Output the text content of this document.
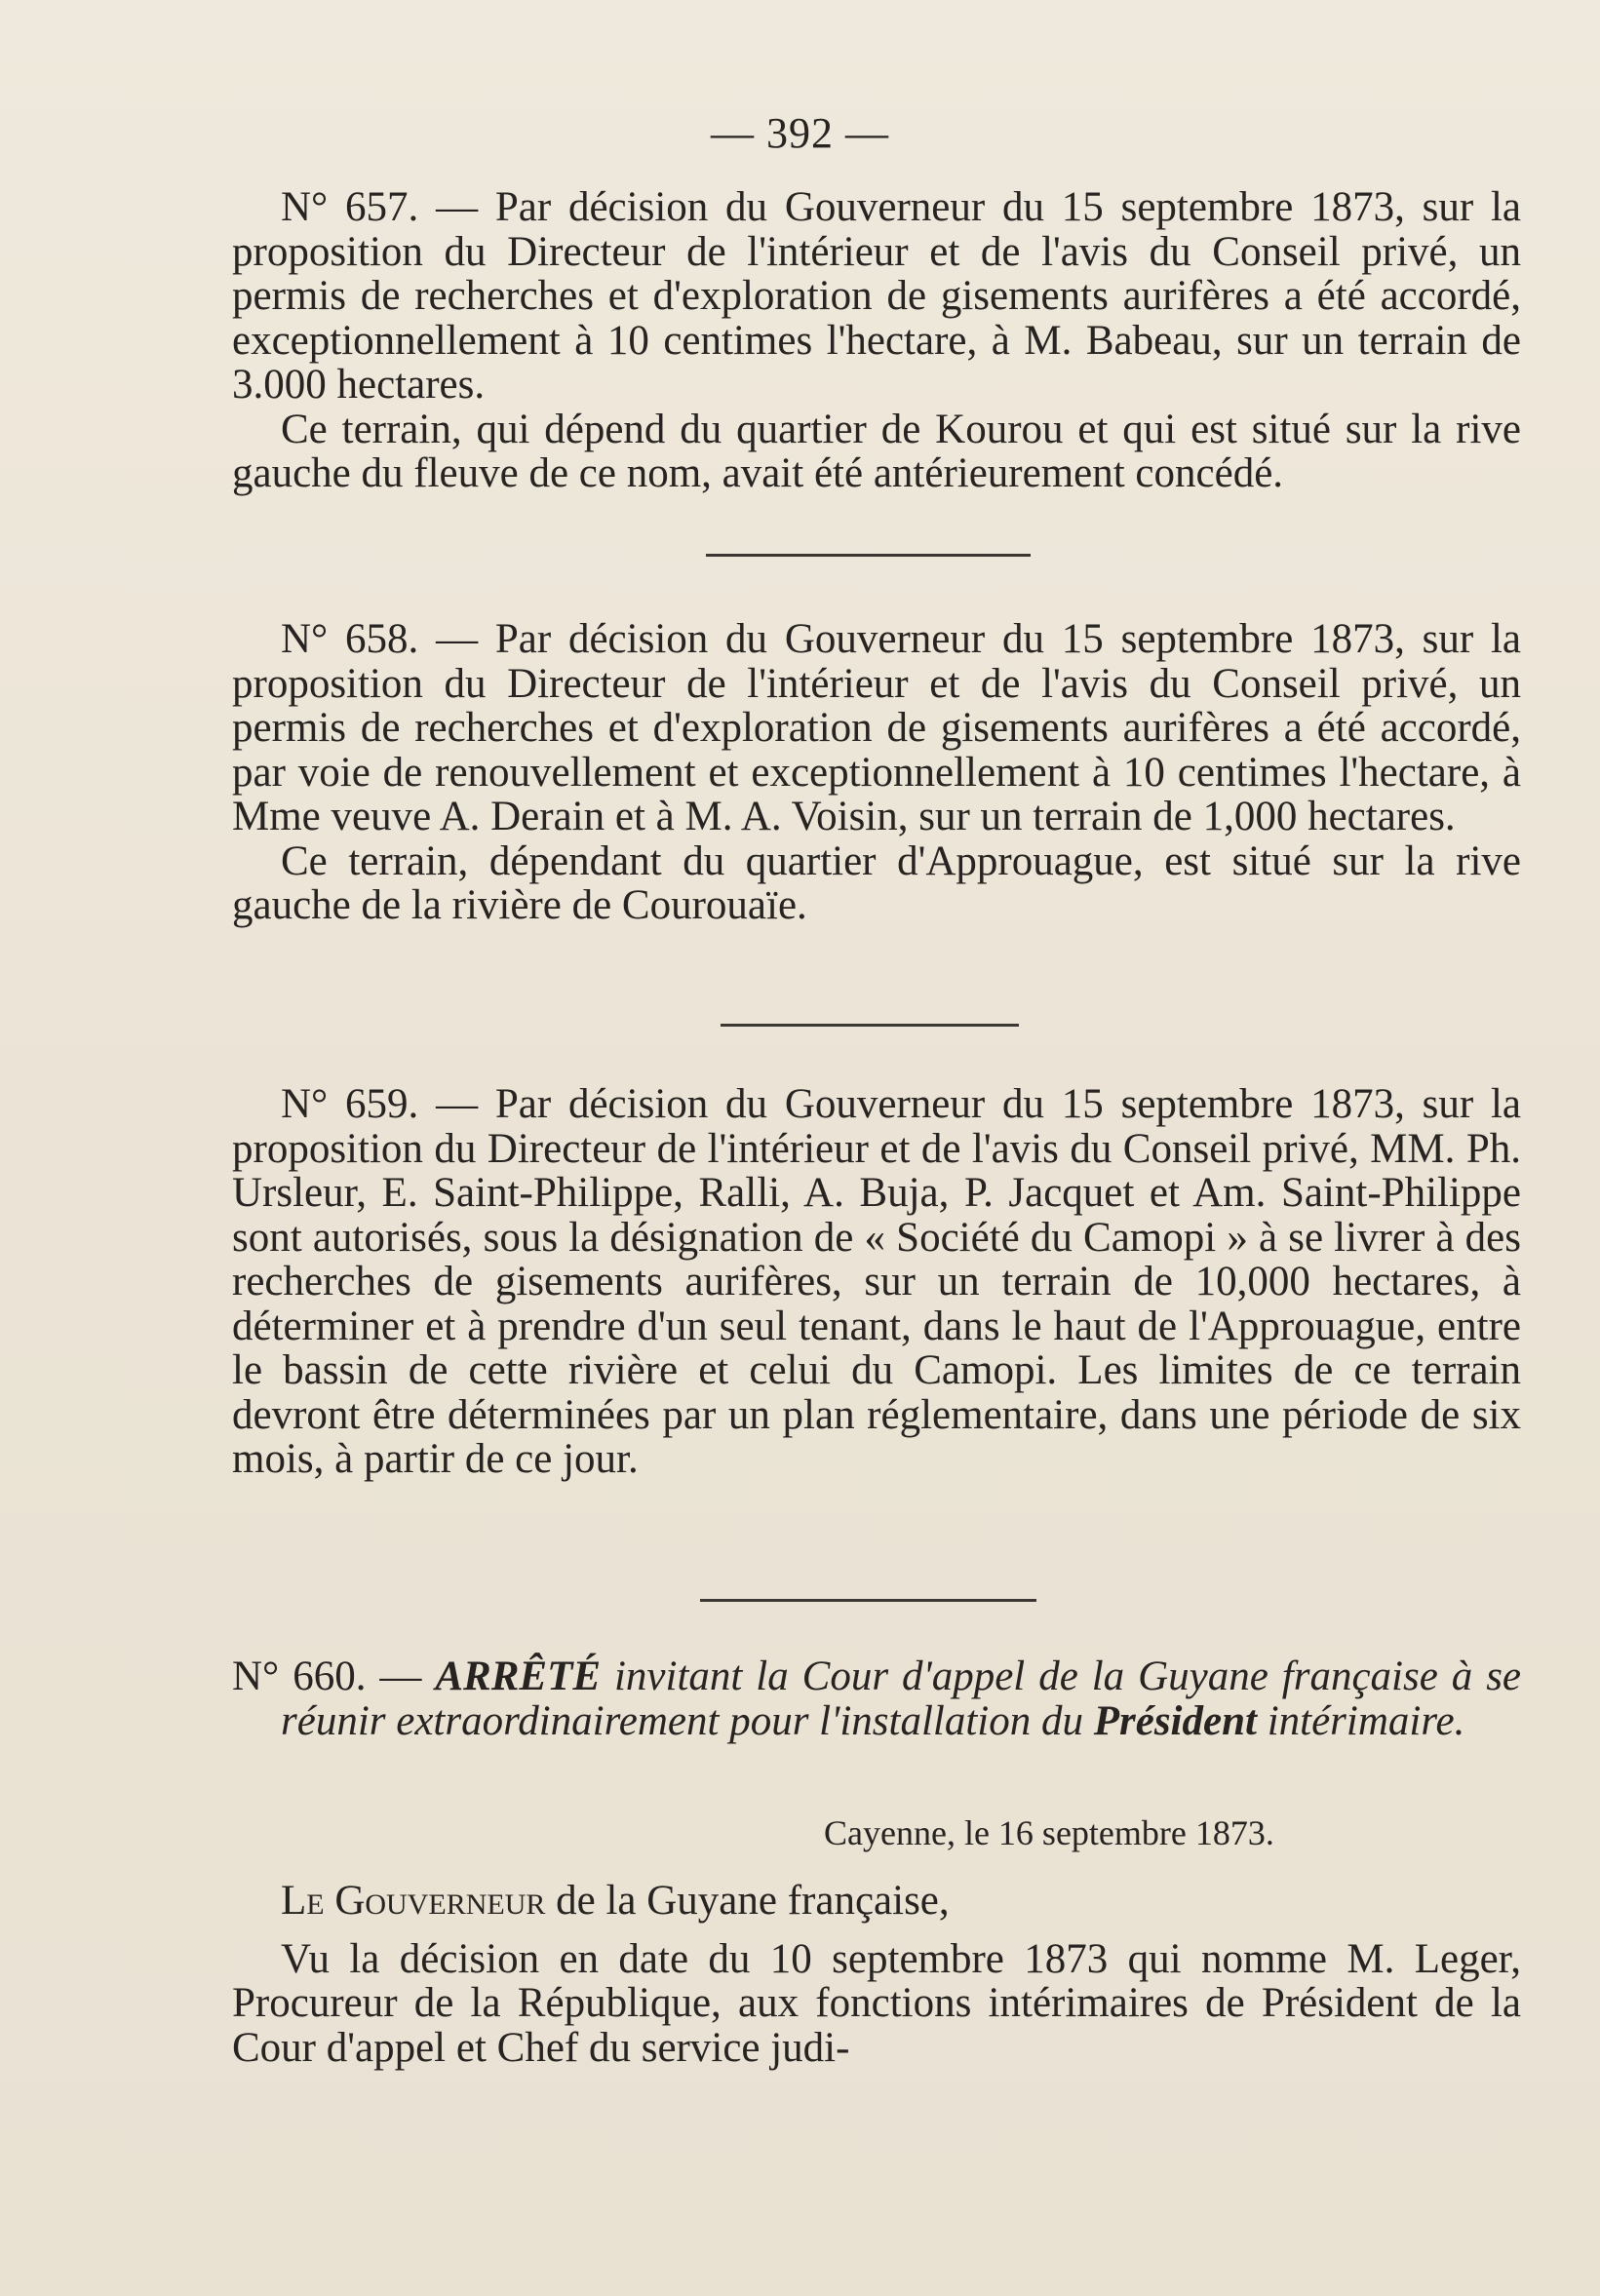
— 392 —

N° 657. — Par décision du Gouverneur du 15 septembre 1873, sur la proposition du Directeur de l'intérieur et de l'avis du Conseil privé, un permis de recherches et d'exploration de gisements aurifères a été accordé, exceptionnellement à 10 centimes l'hectare, à M. Babeau, sur un terrain de 3.000 hectares.

Ce terrain, qui dépend du quartier de Kourou et qui est situé sur la rive gauche du fleuve de ce nom, avait été antérieurement concédé.

N° 658. — Par décision du Gouverneur du 15 septembre 1873, sur la proposition du Directeur de l'intérieur et de l'avis du Conseil privé, un permis de recherches et d'exploration de gisements aurifères a été accordé, par voie de renouvellement et exceptionnellement à 10 centimes l'hectare, à Mme veuve A. Derain et à M. A. Voisin, sur un terrain de 1,000 hectares.

Ce terrain, dépendant du quartier d'Approuague, est situé sur la rive gauche de la rivière de Courouaïe.

N° 659. — Par décision du Gouverneur du 15 septembre 1873, sur la proposition du Directeur de l'intérieur et de l'avis du Conseil privé, MM. Ph. Ursleur, E. Saint-Philippe, Ralli, A. Buja, P. Jacquet et Am. Saint-Philippe sont autorisés, sous la désignation de « Société du Camopi » à se livrer à des recherches de gisements aurifères, sur un terrain de 10,000 hectares, à déterminer et à prendre d'un seul tenant, dans le haut de l'Approuague, entre le bassin de cette rivière et celui du Camopi. Les limites de ce terrain devront être déterminées par un plan réglementaire, dans une période de six mois, à partir de ce jour.

N° 660. — ARRÊTÉ invitant la Cour d'appel de la Guyane française à se réunir extraordinairement pour l'installation du Président intérimaire.
Cayenne, le 16 septembre 1873.

Le Gouverneur de la Guyane française,

Vu la décision en date du 10 septembre 1873 qui nomme M. Leger, Procureur de la République, aux fonctions intérimaires de Président de la Cour d'appel et Chef du service judi-
